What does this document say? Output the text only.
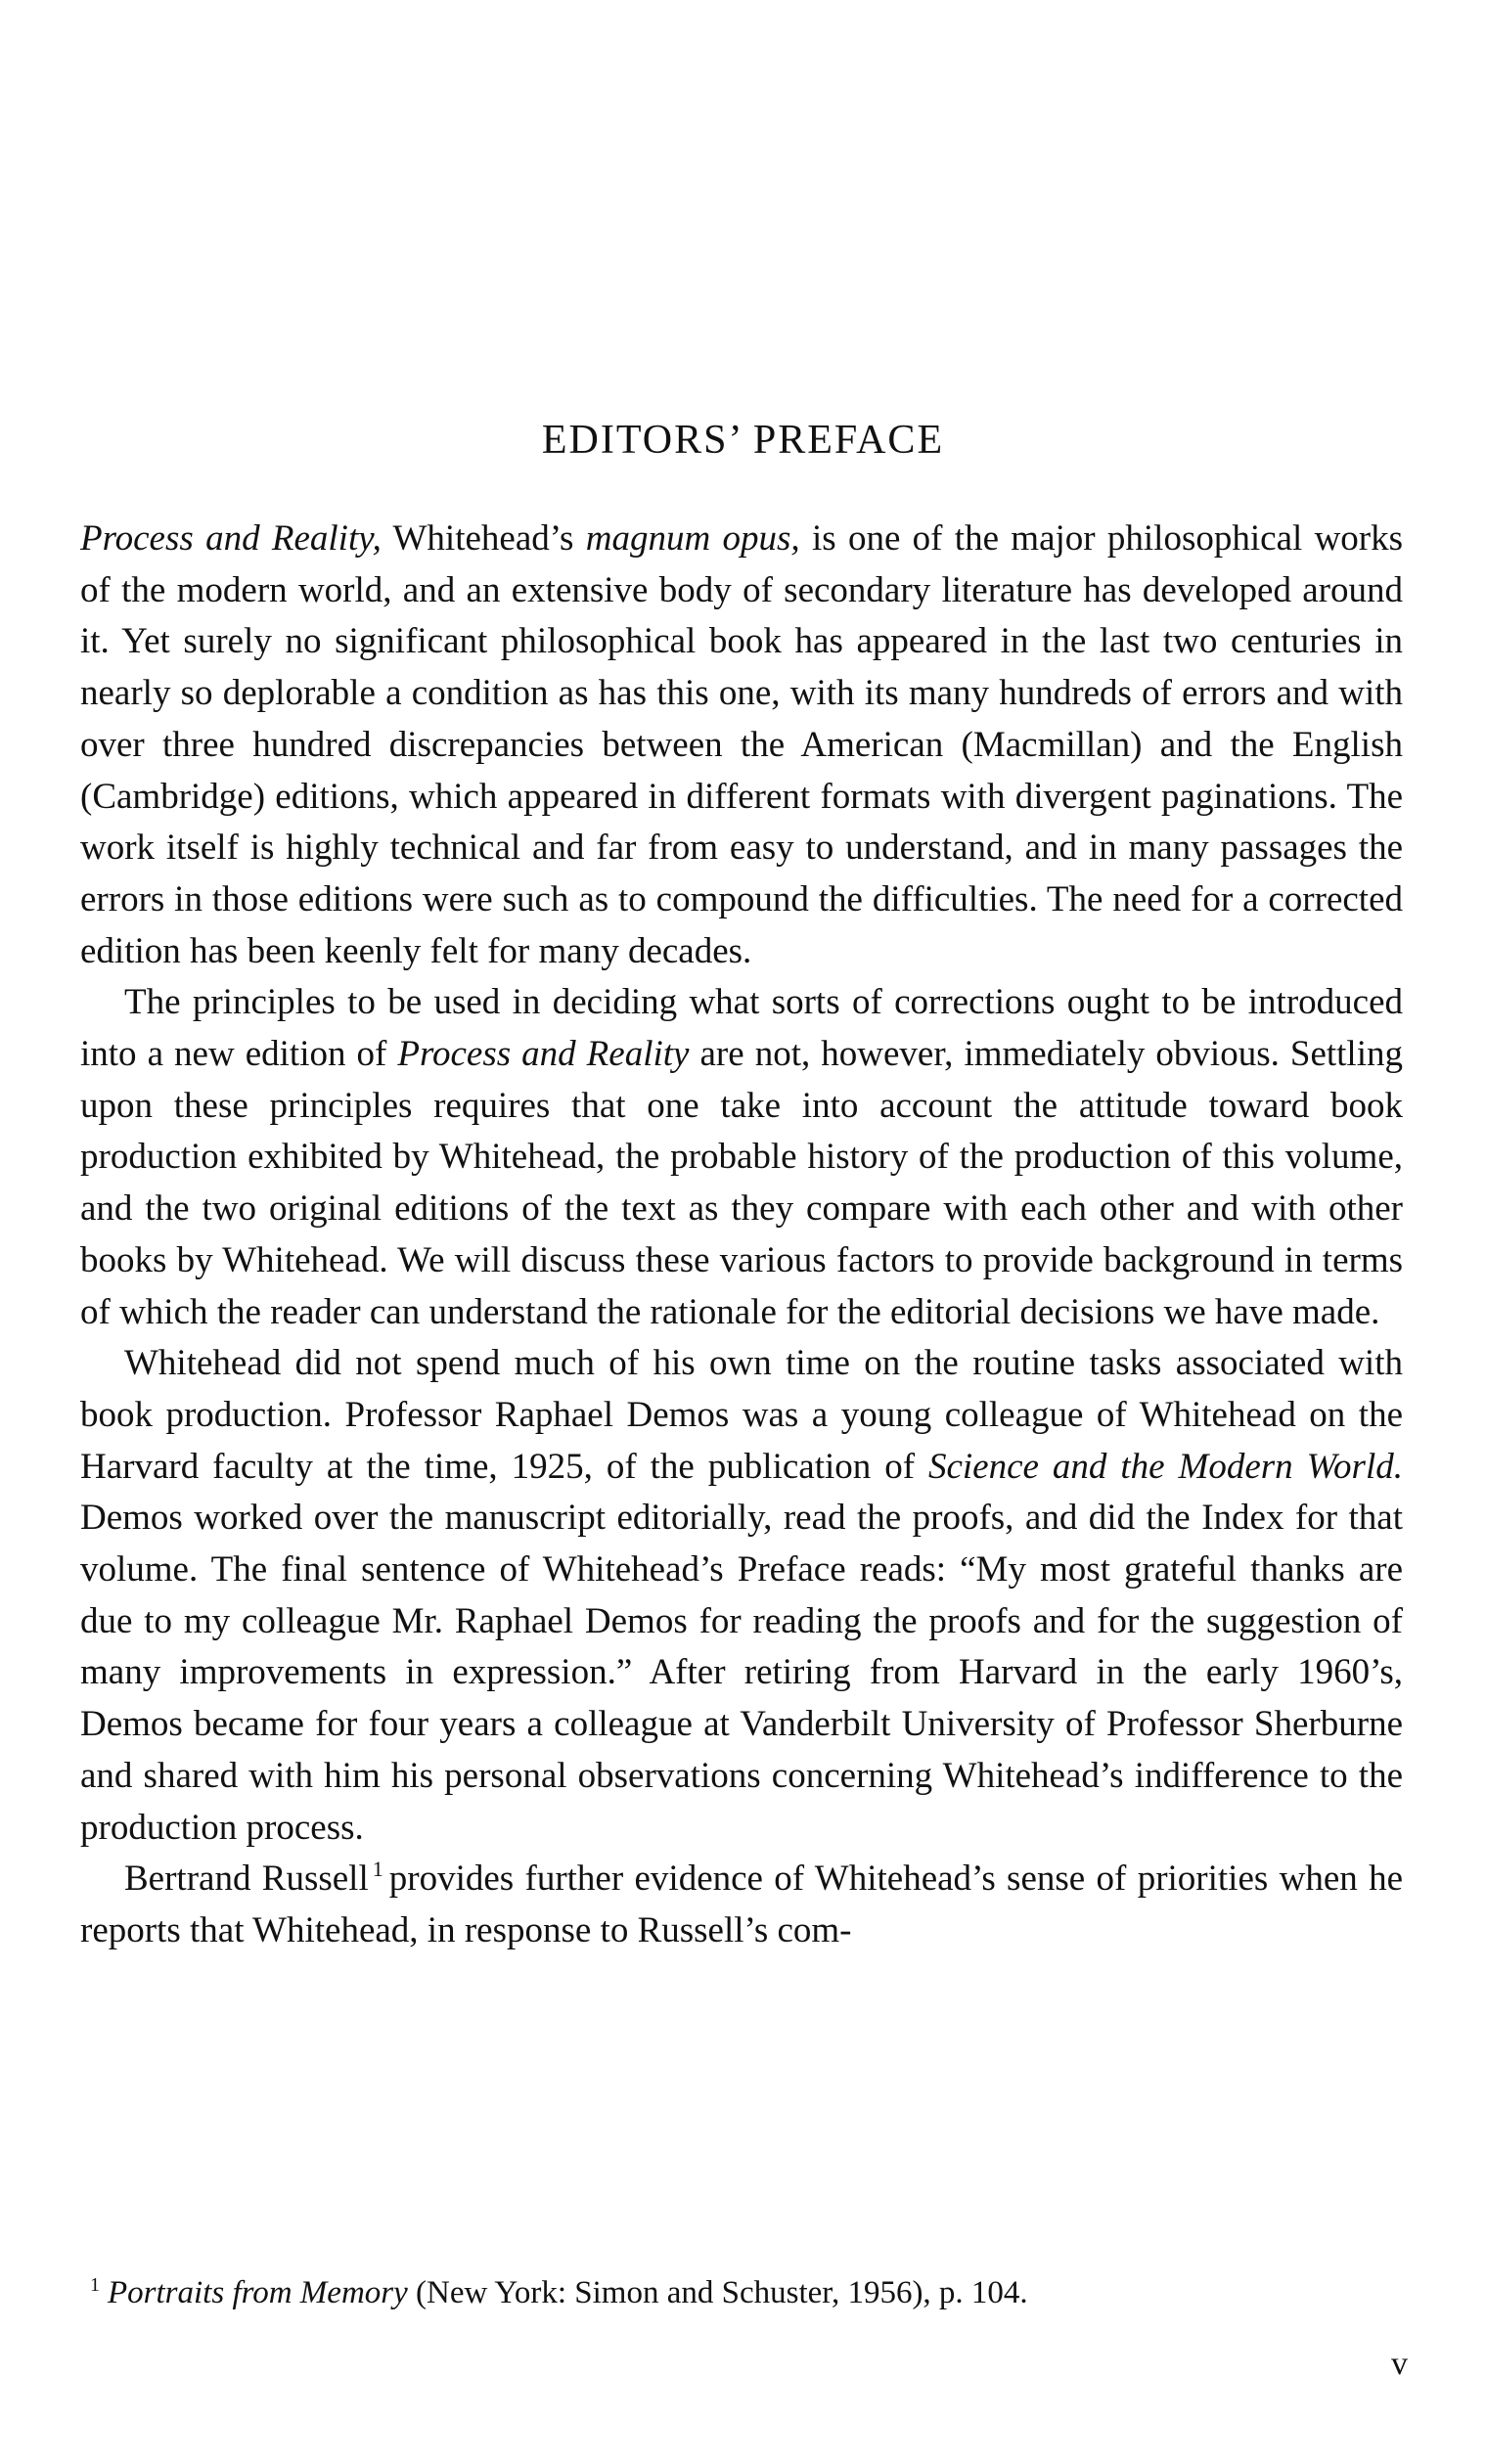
EDITORS’ PREFACE

Process and Reality, Whitehead’s magnum opus, is one of the major philosophical works of the modern world, and an extensive body of secondary literature has developed around it. Yet surely no significant philosophical book has appeared in the last two centuries in nearly so deplorable a condition as has this one, with its many hundreds of errors and with over three hundred discrepancies between the American (Macmillan) and the English (Cambridge) editions, which appeared in different formats with divergent paginations. The work itself is highly technical and far from easy to understand, and in many passages the errors in those editions were such as to compound the difficulties. The need for a corrected edition has been keenly felt for many decades.

The principles to be used in deciding what sorts of corrections ought to be introduced into a new edition of Process and Reality are not, however, immediately obvious. Settling upon these principles requires that one take into account the attitude toward book production exhibited by Whitehead, the probable history of the production of this volume, and the two original editions of the text as they compare with each other and with other books by Whitehead. We will discuss these various factors to provide background in terms of which the reader can understand the rationale for the editorial decisions we have made.

Whitehead did not spend much of his own time on the routine tasks associated with book production. Professor Raphael Demos was a young colleague of Whitehead on the Harvard faculty at the time, 1925, of the publication of Science and the Modern World. Demos worked over the manuscript editorially, read the proofs, and did the Index for that volume. The final sentence of Whitehead’s Preface reads: “My most grateful thanks are due to my colleague Mr. Raphael Demos for reading the proofs and for the suggestion of many improvements in expression.” After retiring from Harvard in the early 1960’s, Demos became for four years a colleague at Vanderbilt University of Professor Sherburne and shared with him his personal observations concerning Whitehead’s indifference to the production process.

Bertrand Russell $^1$ provides further evidence of Whitehead’s sense of priorities when he reports that Whitehead, in response to Russell’s com-

$^1$ Portraits from Memory (New York: Simon and Schuster, 1956), p. 104.

v
